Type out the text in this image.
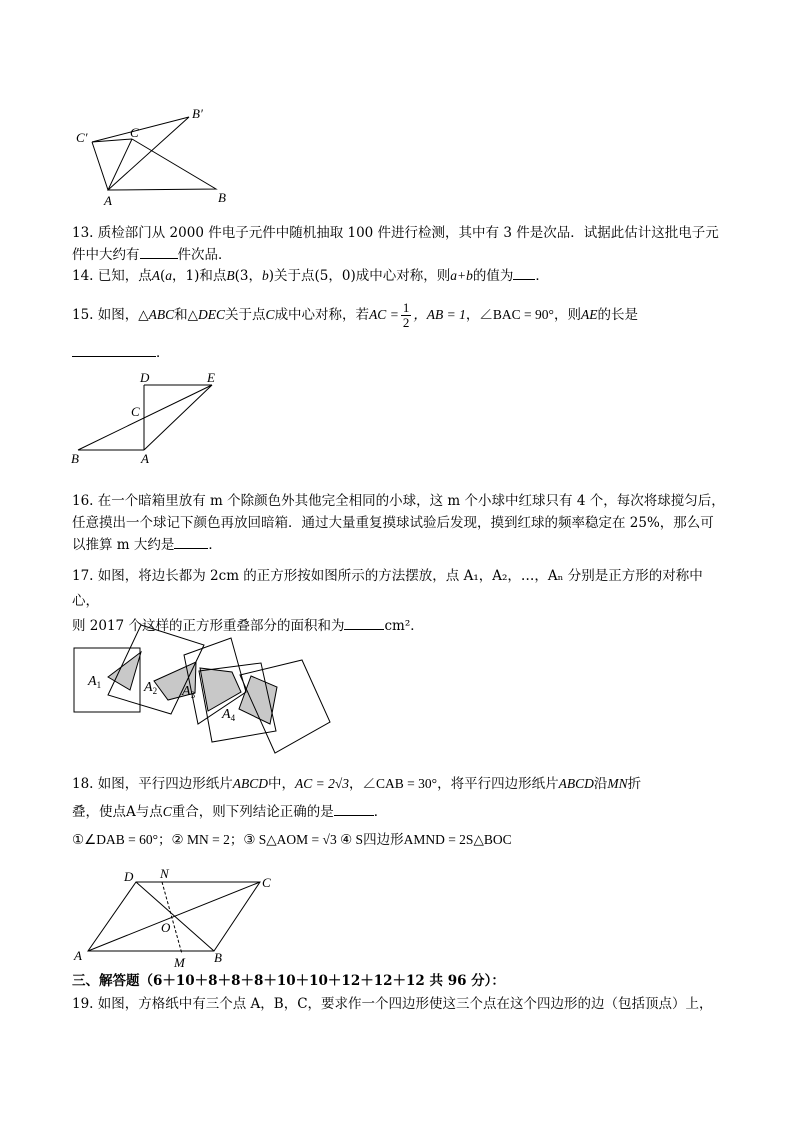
C′	C
B′
A	B

13. 质检部门从 2000 件电子元件中随机抽取 100 件进行检测，其中有 3 件是次品．试据此估计这批电子元

件中大约有	件次品．

14. 已知，点A(a，1)和点B(3，b)关于点(5，0)成中心对称，则a+b的值为 ．

15. 如图，△ABC和△DEC关于点C成中心对称，若AC = $\frac{1}{2}$ ，AB = 1，∠BAC = 90°，则AE的长是

．

D	E
C
B	A

16. 在一个暗箱里放有 m 个除颜色外其他完全相同的小球，这 m 个小球中红球只有 4 个，每次将球搅匀后，

任意摸出一个球记下颜色再放回暗箱．通过大量重复摸球试验后发现，摸到红球的频率稳定在 25%，那么可

以推算 m 大约是	．

17. 如图，将边长都为 2cm 的正方形按如图所示的方法摆放，点 A₁，A₂，…，Aₙ 分别是正方形的对称中心，

则 2017 个这样的正方形重叠部分的面积和为	cm²．

$A_1$	$A_2$ $A_3$
$A_4$

18. 如图，平行四边形纸片ABCD中，AC = 2√3，∠CAB = 30°，将平行四边形纸片ABCD沿MN折

叠，使点A与点C重合，则下列结论正确的是	．

①∠DAB = 60°；② MN = 2；③ S△AOM = √3 ④ S四边形AMND = 2S△BOC

D N
C
O
A	M B
三、解答题（6＋10＋8＋8＋8＋10＋10＋12＋12＋12 共 96 分）：
19. 如图，方格纸中有三个点 A，B，C，要求作一个四边形使这三个点在这个四边形的边（包括顶点）上，
